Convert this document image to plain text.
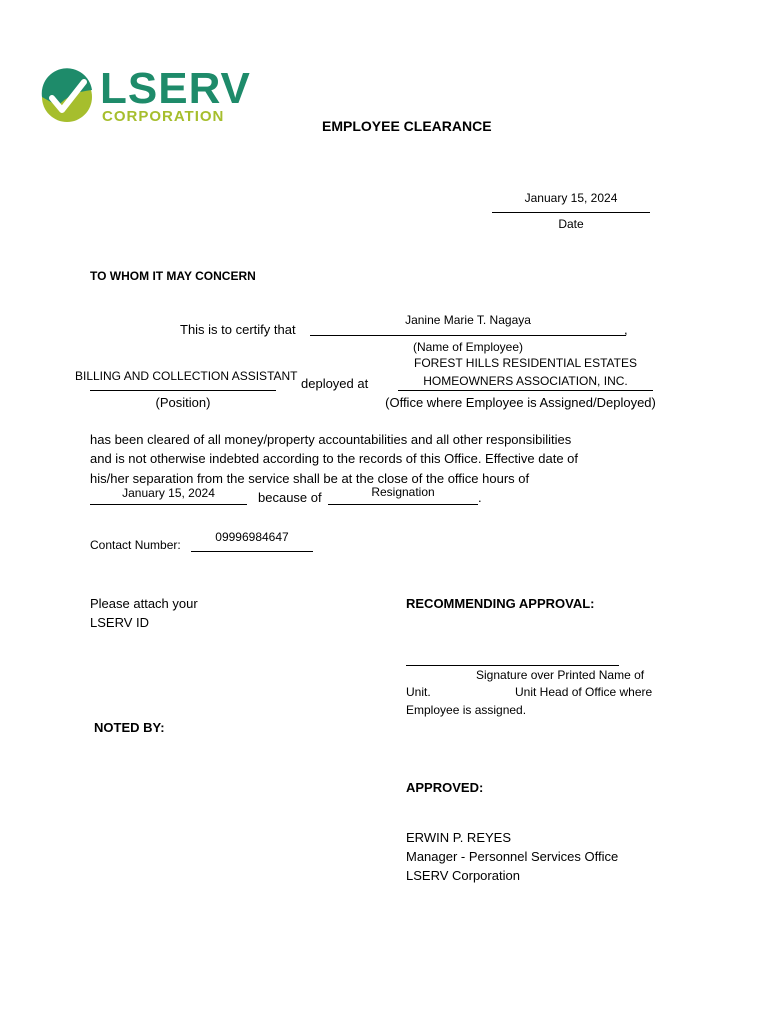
LSERV
CORPORATION
EMPLOYEE CLEARANCE
January 15, 2024
Date
TO WHOM IT MAY CONCERN
This is to certify that
Janine Marie T. Nagaya
,
(Name of Employee)
FOREST HILLS RESIDENTIAL ESTATES
HOMEOWNERS ASSOCIATION, INC.
(Office where Employee is Assigned/Deployed)
BILLING AND COLLECTION ASSISTANT
(Position)
deployed at
has been cleared of all money/property accountabilities and all other responsibilities
and is not otherwise indebted according to the records of this Office. Effective date of
his/her separation from the service shall be at the close of the office hours of
January 15, 2024	because of	Resignation	.
Contact Number:
09996984647
Please attach your
LSERV ID
RECOMMENDING APPROVAL:
Signature over Printed Name of
Unit.	Unit Head of Office where
Employee is assigned.
NOTED BY:
APPROVED:
ERWIN P. REYES
Manager - Personnel Services Office
LSERV Corporation
